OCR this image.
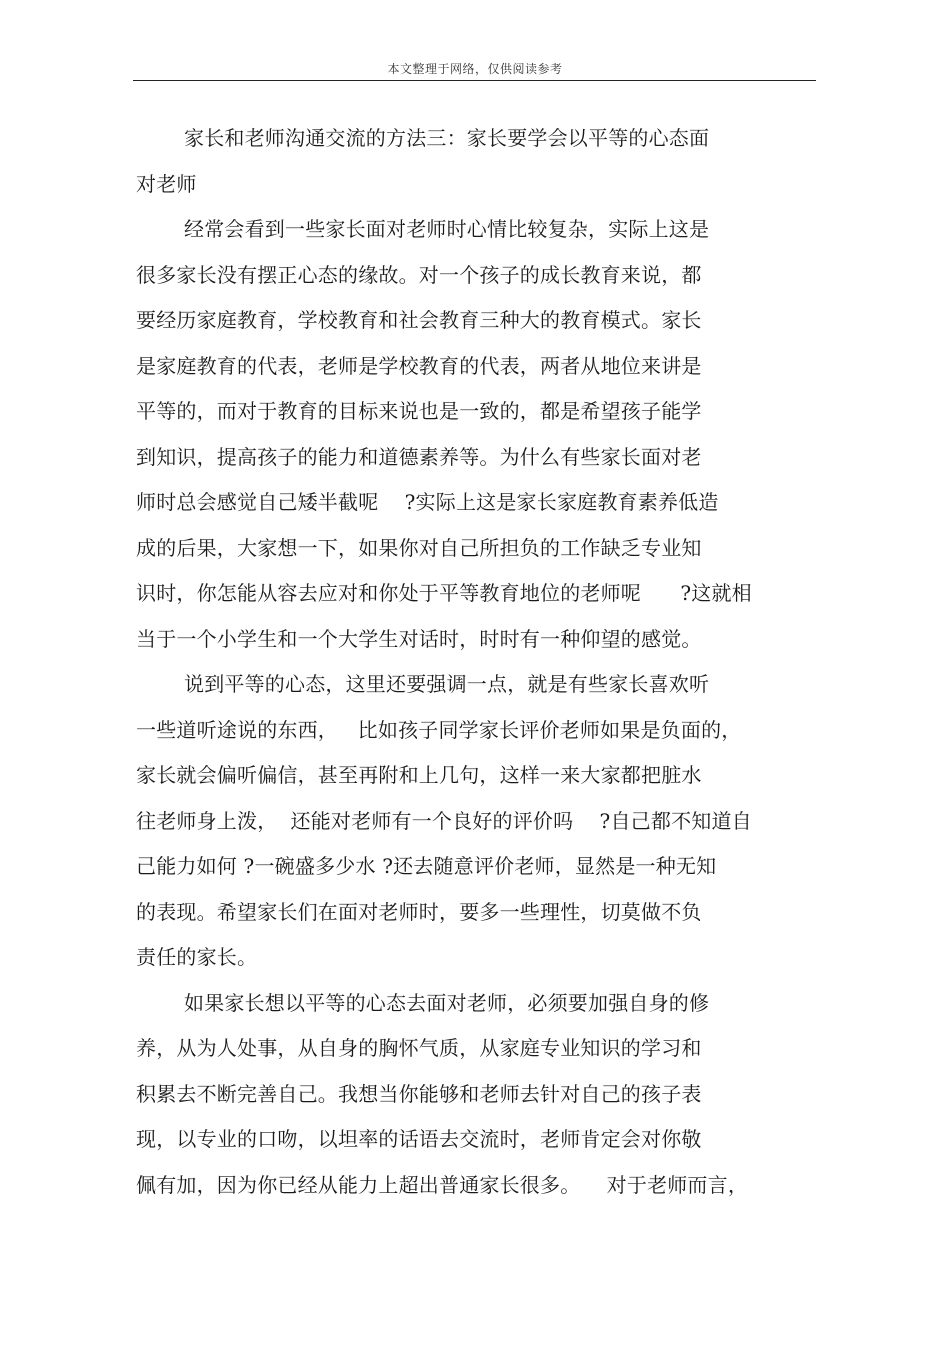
本文整理于网络，仅供阅读参考
家长和老师沟通交流的方法三：家长要学会以平等的心态面
对老师
经常会看到一些家长面对老师时心情比较复杂，实际上这是
很多家长没有摆正心态的缘故。对一个孩子的成长教育来说，都
要经历家庭教育，学校教育和社会教育三种大的教育模式。家长
是家庭教育的代表，老师是学校教育的代表，两者从地位来讲是
平等的，而对于教育的目标来说也是一致的，都是希望孩子能学
到知识，提高孩子的能力和道德素养等。为什么有些家长面对老
师时总会感觉自己矮半截呢    ?实际上这是家长家庭教育素养低造
成的后果，大家想一下，如果你对自己所担负的工作缺乏专业知
识时，你怎能从容去应对和你处于平等教育地位的老师呢      ?这就相
当于一个小学生和一个大学生对话时，时时有一种仰望的感觉。
说到平等的心态，这里还要强调一点，就是有些家长喜欢听
一些道听途说的东西，   比如孩子同学家长评价老师如果是负面的，
家长就会偏听偏信，甚至再附和上几句，这样一来大家都把脏水
往老师身上泼，  还能对老师有一个良好的评价吗    ?自己都不知道自
己能力如何 ?一碗盛多少水 ?还去随意评价老师，显然是一种无知
的表现。希望家长们在面对老师时，要多一些理性，切莫做不负
责任的家长。
如果家长想以平等的心态去面对老师，必须要加强自身的修
养，从为人处事，从自身的胸怀气质，从家庭专业知识的学习和
积累去不断完善自己。我想当你能够和老师去针对自己的孩子表
现，以专业的口吻，以坦率的话语去交流时，老师肯定会对你敬
佩有加，因为你已经从能力上超出普通家长很多。    对于老师而言，
